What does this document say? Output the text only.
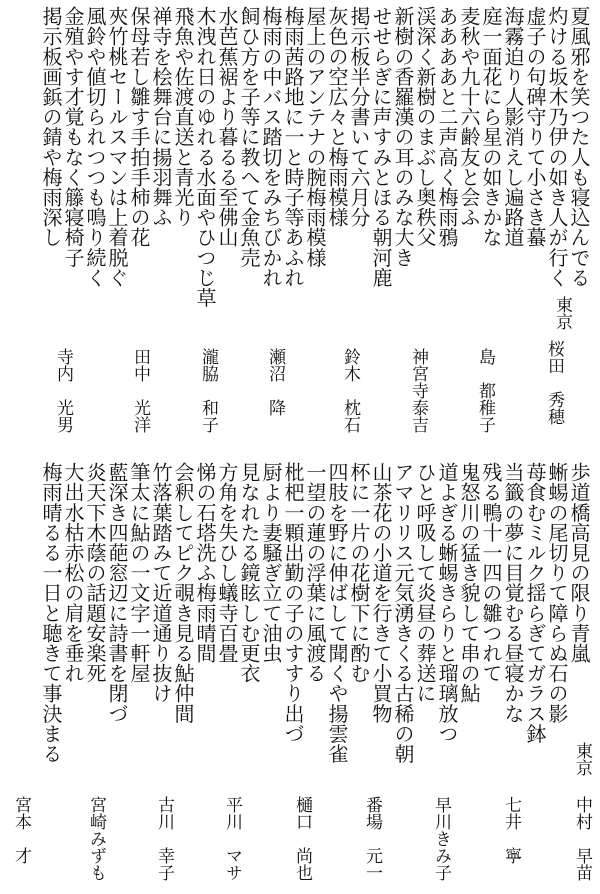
夏風邪を笑つた人も寝込んでる
灼ける坂木乃伊の如き人が行く
虚子の句碑守りて小さき蟇
海霧迫り人影消えし遍路道
庭一面花にら星の如きかな
麦秋や九十六齢友と会ふ
ああああと二声高く梅雨鴉
渓深く新樹のまぶし奥秩父
新樹の香羅漢の耳のみな大き
せせらぎに声すみとほる朝河鹿
掲示板半分書いて六月分
灰色の空広々と梅雨模様
屋上のアンテナの腕梅雨模様
梅雨茜路地に一と時子等あふれ
梅雨の中バス踏切をみちびかれ
飼ひ方を子等に教へて金魚売
水芭蕉裾より暮るる至佛山
木洩れ日のゆれる水面やひつじ草
飛魚や佐渡直送と青光り
禅寺を桧舞台に揚羽舞ふ
保母若し雛す手拍手柿の花
夾竹桃セールスマンは上着脱ぐ
風鈴や値切られつつも鳴り続く
金殖やす才覚もなく籐寝椅子
掲示板画鋲の錆や梅雨深し
東京
桜田　秀穂
島　都稚子
神宮寺泰吉
鈴木　枕石
瀬沼　降
瀧脇　和子
田中　光洋
寺内　光男
歩道橋高見の限り青嵐
蜥蜴の尾切りて障らぬ石の影
苺食むミルク揺らぎてガラス鉢
当籤の夢に目覚むる昼寝かな
残る鴨十一四の雛つれて
鬼怒川の猛き貌して串の鮎
道よぎる蜥蜴きらりと瑠璃放つ
ひと呼吸して炎昼の葬送に
アマリリス元気湧きくる古稀の朝
山茶花の小道を行きて小買物
杯に一片の花樹下に酌む
四肢を野に伸ばして聞くや揚雲雀
一望の蓮の浮葉に風渡る
枇杷一顆出勤の子のすすり出づ
厨より妻騒ぎ立て油虫
見なれたる鏡眩しむ更衣
方角を失ひし蟻寺百畳
悌の石塔洗ふ梅雨晴間
会釈してピク覗き見る鮎仲間
竹落葉踏みて近道通り抜け
筆太に鮎の一文字一軒屋
藍深き四葩窓辺に詩書を閉づ
炎天下木蔭の話題安楽死
大出水枯赤松の肩を垂れ
梅雨晴るる一日と聴きて事決まる	東京
中村　早苗
七井　寧
早川きみ子
番場　元一
樋口　尚也
平川　マサ
古川　幸子
宮崎みずも
宮本　才
